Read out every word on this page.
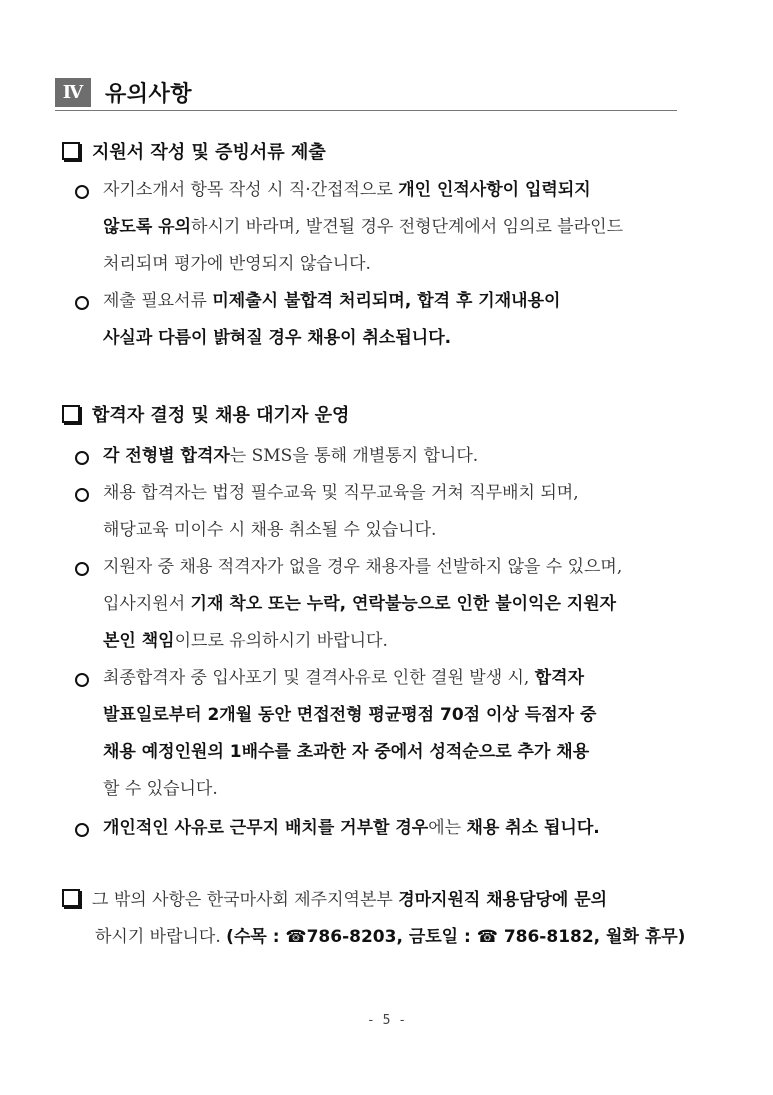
Ⅳ 유의사항
지원서 작성 및 증빙서류 제출
자기소개서 항목 작성 시 직·간접적으로 개인 인적사항이 입력되지
않도록 유의하시기 바라며, 발견될 경우 전형단계에서 임의로 블라인드
처리되며 평가에 반영되지 않습니다.
제출 필요서류 미제출시 불합격 처리되며, 합격 후 기재내용이
사실과 다름이 밝혀질 경우 채용이 취소됩니다.
합격자 결정 및 채용 대기자 운영
각 전형별 합격자는 SMS을 통해 개별통지 합니다.
채용 합격자는 법정 필수교육 및 직무교육을 거쳐 직무배치 되며,
해당교육 미이수 시 채용 취소될 수 있습니다.
지원자 중 채용 적격자가 없을 경우 채용자를 선발하지 않을 수 있으며,
입사지원서 기재 착오 또는 누락, 연락불능으로 인한 불이익은 지원자
본인 책임이므로 유의하시기 바랍니다.
최종합격자 중 입사포기 및 결격사유로 인한 결원 발생 시, 합격자
발표일로부터 2개월 동안 면접전형 평균평점 70점 이상 득점자 중
채용 예정인원의 1배수를 초과한 자 중에서 성적순으로 추가 채용
할 수 있습니다.
개인적인 사유로 근무지 배치를 거부할 경우에는 채용 취소 됩니다.
그 밖의 사항은 한국마사회 제주지역본부 경마지원직 채용담당에 문의
하시기 바랍니다. (수목 : ☎786-8203, 금토일 : ☎ 786-8182, 월화 휴무)
- 5 -
